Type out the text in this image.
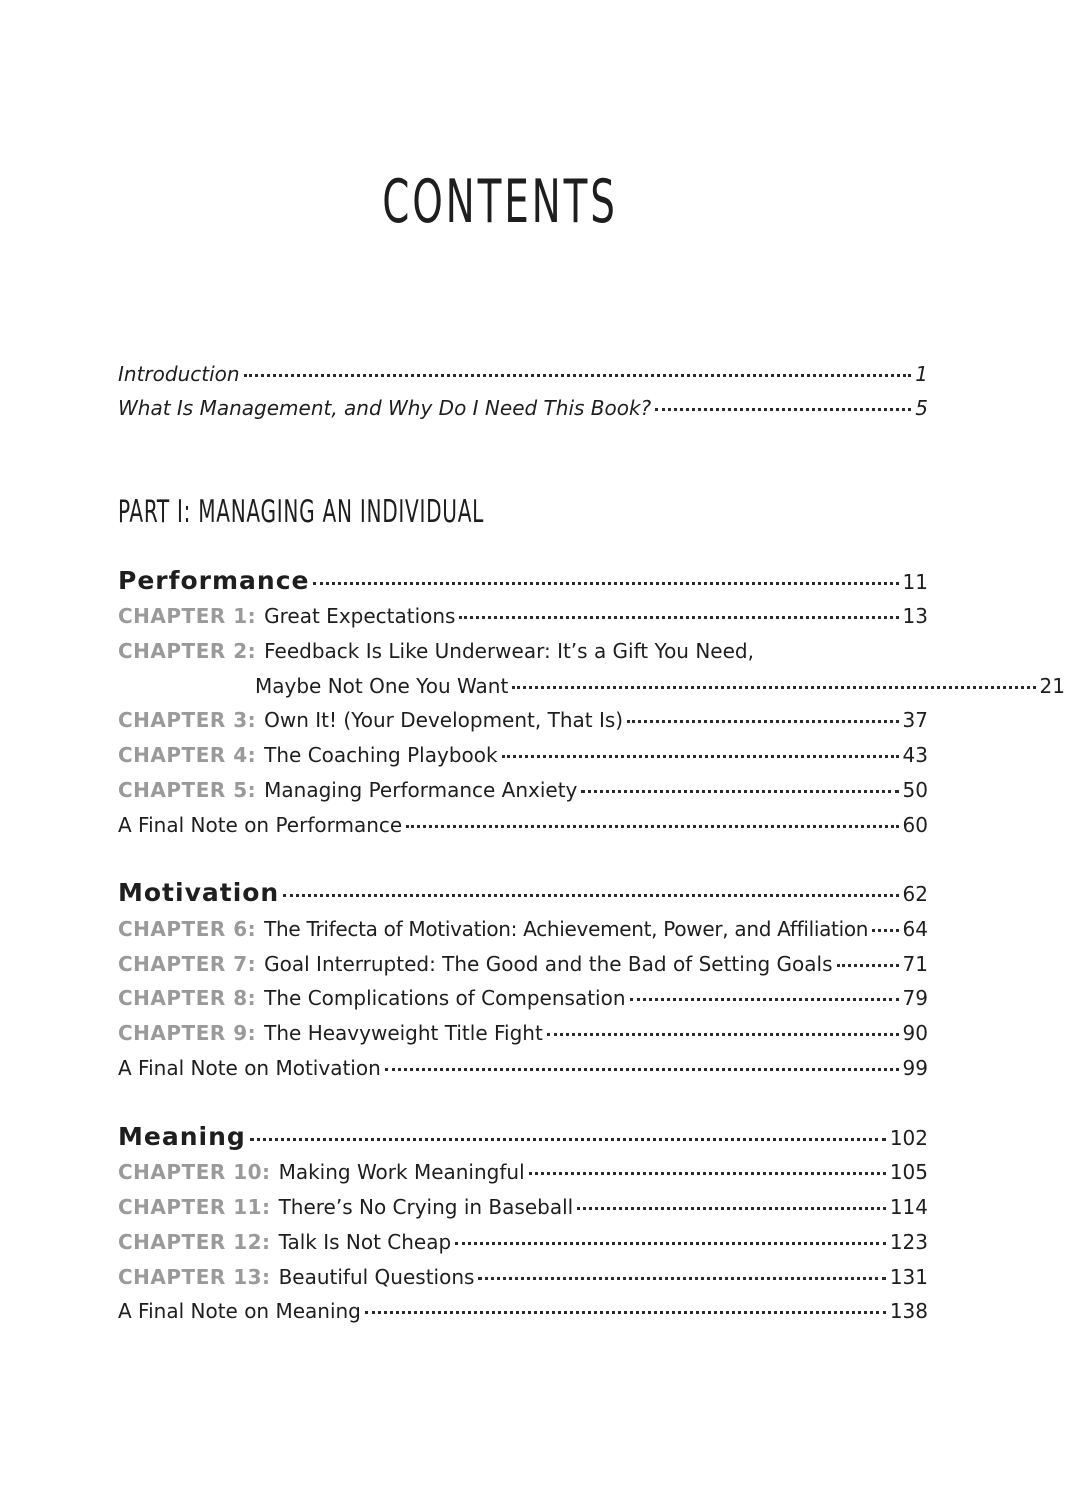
CONTENTS
Introduction	1
What Is Management, and Why Do I Need This Book?	5
Performance	11
CHAPTER 1: Great Expectations	13
CHAPTER 2: Feedback Is Like Underwear: It’s a Gift You Need,
Maybe Not One You Want	21
CHAPTER 3: Own It! (Your Development, That Is)	37
CHAPTER 4: The Coaching Playbook	43
CHAPTER 5: Managing Performance Anxiety	50
A Final Note on Performance	60
Motivation	62
CHAPTER 6: The Trifecta of Motivation: Achievement, Power, and Affiliation 64
CHAPTER 7: Goal Interrupted: The Good and the Bad of Setting Goals	71
CHAPTER 8: The Complications of Compensation	79
CHAPTER 9: The Heavyweight Title Fight	90
A Final Note on Motivation	99
Meaning	102
CHAPTER 10: Making Work Meaningful	105
CHAPTER 11: There’s No Crying in Baseball	114
CHAPTER 12: Talk Is Not Cheap	123
CHAPTER 13: Beautiful Questions	131
A Final Note on Meaning	138
PART I: MANAGING AN INDIVIDUAL
